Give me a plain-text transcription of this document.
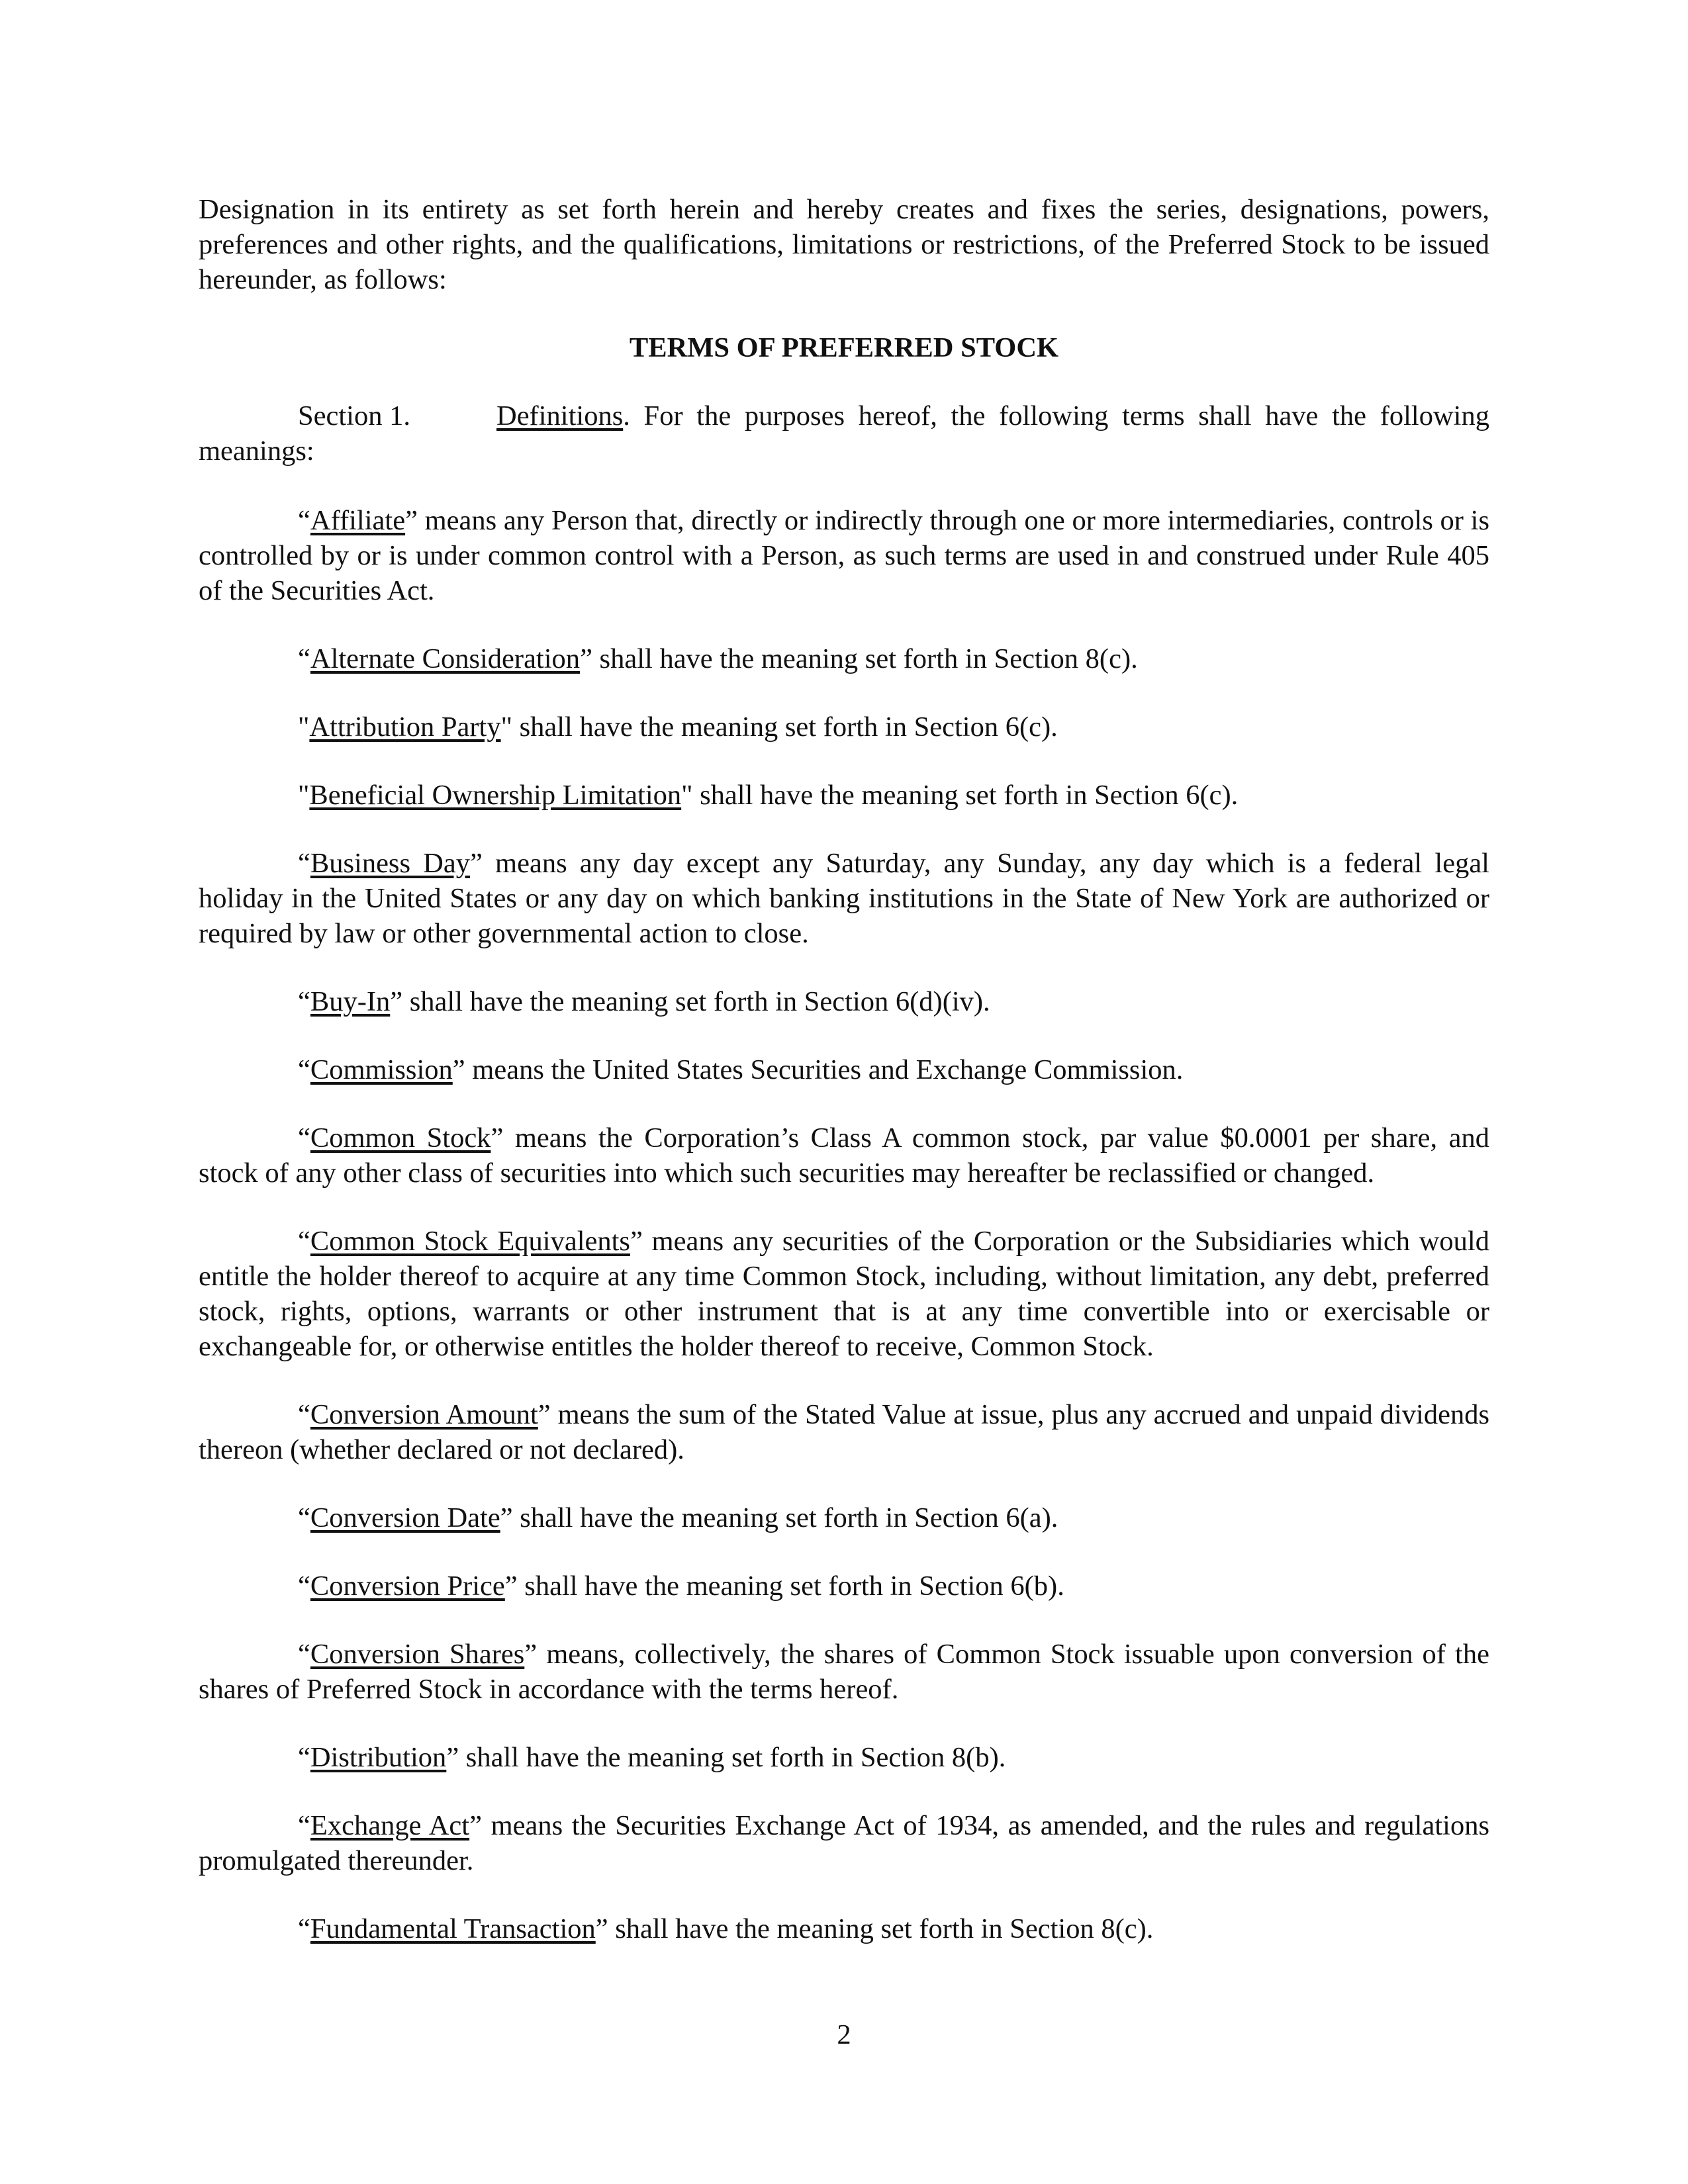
Designation in its entirety as set forth herein and hereby creates and fixes the series, designations, powers, preferences and other rights, and the qualifications, limitations or restrictions, of the Preferred Stock to be issued hereunder, as follows:

TERMS OF PREFERRED STOCK

Section 1.	Definitions. For the purposes hereof, the following terms shall have the following
meanings:

“Affiliate” means any Person that, directly or indirectly through one or more intermediaries, controls or is controlled by or is under common control with a Person, as such terms are used in and construed under Rule 405 of the Securities Act.

“Alternate Consideration” shall have the meaning set forth in Section 8(c).

"Attribution Party" shall have the meaning set forth in Section 6(c).

"Beneficial Ownership Limitation" shall have the meaning set forth in Section 6(c).

“Business Day” means any day except any Saturday, any Sunday, any day which is a federal legal holiday in the United States or any day on which banking institutions in the State of New York are authorized or required by law or other governmental action to close.

“Buy-In” shall have the meaning set forth in Section 6(d)(iv).

“Commission” means the United States Securities and Exchange Commission.

“Common Stock” means the Corporation’s Class A common stock, par value $0.0001 per share, and stock of any other class of securities into which such securities may hereafter be reclassified or changed.

“Common Stock Equivalents” means any securities of the Corporation or the Subsidiaries which would entitle the holder thereof to acquire at any time Common Stock, including, without limitation, any debt, preferred stock, rights, options, warrants or other instrument that is at any time convertible into or exercisable or exchangeable for, or otherwise entitles the holder thereof to receive, Common Stock.

“Conversion Amount” means the sum of the Stated Value at issue, plus any accrued and unpaid dividends thereon (whether declared or not declared).

“Conversion Date” shall have the meaning set forth in Section 6(a).

“Conversion Price” shall have the meaning set forth in Section 6(b).

“Conversion Shares” means, collectively, the shares of Common Stock issuable upon conversion of the shares of Preferred Stock in accordance with the terms hereof.

“Distribution” shall have the meaning set forth in Section 8(b).

“Exchange Act” means the Securities Exchange Act of 1934, as amended, and the rules and regulations promulgated thereunder.

“Fundamental Transaction” shall have the meaning set forth in Section 8(c).

2
